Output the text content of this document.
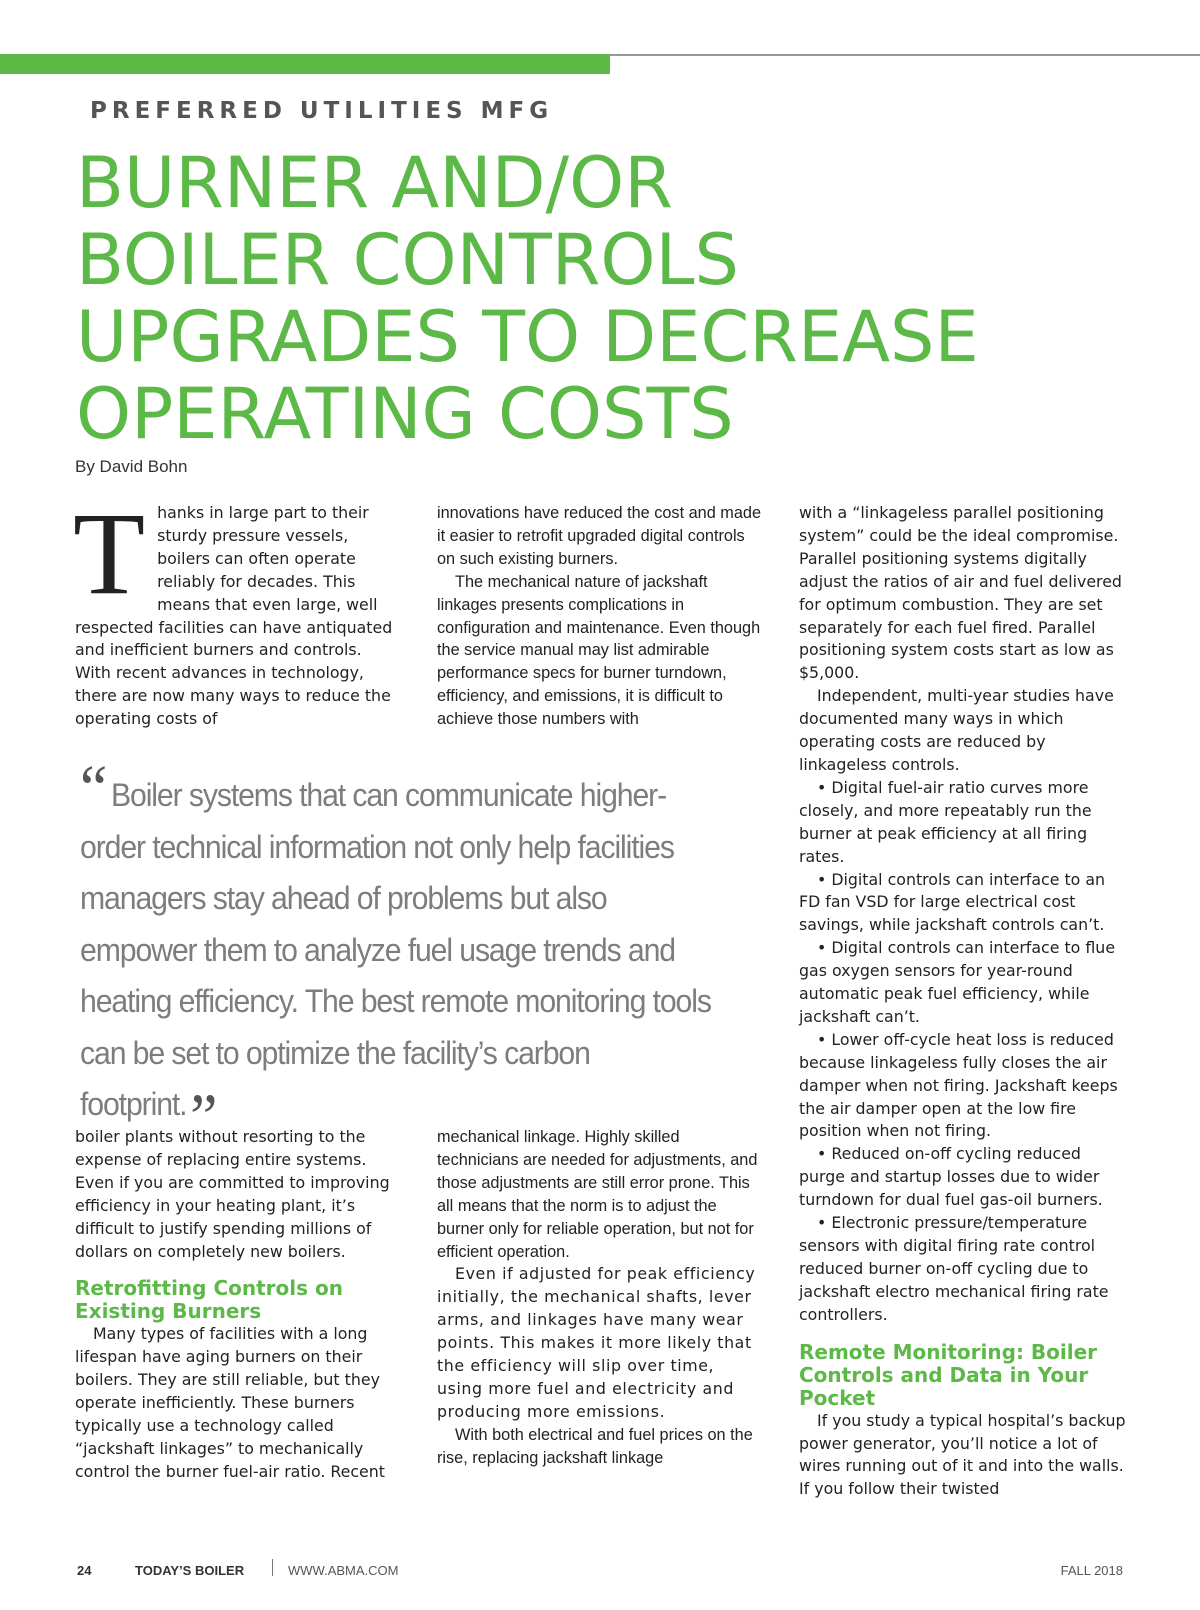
PREFERRED UTILITIES MFG
BURNER AND/OR
BOILER CONTROLS
UPGRADES TO DECREASE
OPERATING COSTS
By David Bohn

Thanks in large part to their sturdy pressure vessels, boilers can often operate reliably for decades. This means that even large, well respected facilities can have antiquated and inefficient burners and controls. With recent advances in technology, there are now many ways to reduce the operating costs of

innovations have reduced the cost and made it easier to retrofit upgraded digital controls on such existing burners.

The mechanical nature of jackshaft linkages presents complications in configuration and maintenance. Even though the service manual may list admirable performance specs for burner turndown, efficiency, and emissions, it is difficult to achieve those numbers with

with a “linkageless parallel positioning system” could be the ideal compromise. Parallel positioning systems digitally adjust the ratios of air and fuel delivered for optimum combustion. They are set separately for each fuel fired. Parallel positioning system costs start as low as $5,000.

Independent, multi-year studies have documented many ways in which operating costs are reduced by linkageless controls.

• Digital fuel-air ratio curves more closely, and more repeatably run the burner at peak efficiency at all firing rates.

• Digital controls can interface to an FD fan VSD for large electrical cost savings, while jackshaft controls can’t.

• Digital controls can interface to flue gas oxygen sensors for year-round automatic peak fuel efficiency, while jackshaft can’t.

• Lower off-cycle heat loss is reduced because linkageless fully closes the air damper when not firing. Jackshaft keeps the air damper open at the low fire position when not firing.

• Reduced on-off cycling reduced purge and startup losses due to wider turndown for dual fuel gas-oil burners.

• Electronic pressure/temperature sensors with digital firing rate control reduced burner on-off cycling due to jackshaft electro mechanical firing rate controllers.

Remote Monitoring: Boiler Controls and Data in Your Pocket

If you study a typical hospital’s backup power generator, you’ll notice a lot of wires running out of it and into the walls. If you follow their twisted

“ Boiler systems that can communicate higher-order technical information not only help facilities managers stay ahead of problems but also empower them to analyze fuel usage trends and heating efficiency. The best remote monitoring tools can be set to optimize the facility’s carbon footprint.”

boiler plants without resorting to the expense of replacing entire systems. Even if you are committed to improving efficiency in your heating plant, it’s difficult to justify spending millions of dollars on completely new boilers.

Retrofitting Controls on Existing Burners

Many types of facilities with a long lifespan have aging burners on their boilers. They are still reliable, but they operate inefficiently. These burners typically use a technology called “jackshaft linkages” to mechanically control the burner fuel-air ratio. Recent

mechanical linkage. Highly skilled technicians are needed for adjustments, and those adjustments are still error prone. This all means that the norm is to adjust the burner only for reliable operation, but not for efficient operation.

Even if adjusted for peak efficiency initially, the mechanical shafts, lever arms, and linkages have many wear points. This makes it more likely that the efficiency will slip over time, using more fuel and electricity and producing more emissions.

With both electrical and fuel prices on the rise, replacing jackshaft linkage

24	TODAY’S BOILER	WWW.ABMA.COM	FALL 2018
